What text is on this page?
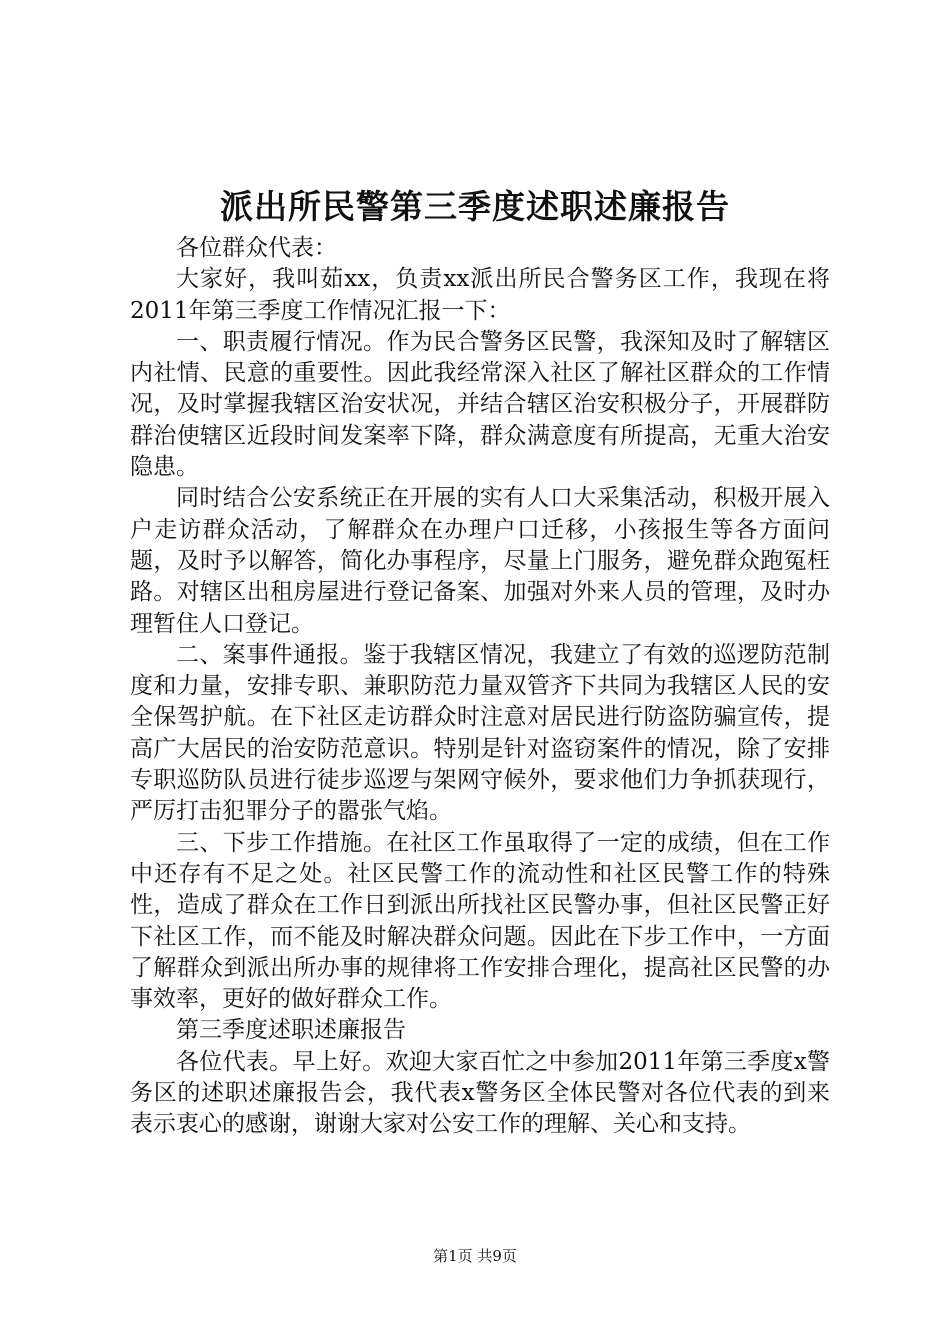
派出所民警第三季度述职述廉报告

各位群众代表：

大家好，我叫茹xx，负责xx派出所民合警务区工作，我现在将2011年第三季度工作情况汇报一下：

一、职责履行情况。作为民合警务区民警，我深知及时了解辖区内社情、民意的重要性。因此我经常深入社区了解社区群众的工作情况，及时掌握我辖区治安状况，并结合辖区治安积极分子，开展群防群治使辖区近段时间发案率下降，群众满意度有所提高，无重大治安隐患。

同时结合公安系统正在开展的实有人口大采集活动，积极开展入户走访群众活动，了解群众在办理户口迁移，小孩报生等各方面问题，及时予以解答，简化办事程序，尽量上门服务，避免群众跑冤枉路。对辖区出租房屋进行登记备案、加强对外来人员的管理，及时办理暂住人口登记。

二、案事件通报。鉴于我辖区情况，我建立了有效的巡逻防范制度和力量，安排专职、兼职防范力量双管齐下共同为我辖区人民的安全保驾护航。在下社区走访群众时注意对居民进行防盗防骗宣传，提高广大居民的治安防范意识。特别是针对盗窃案件的情况，除了安排专职巡防队员进行徒步巡逻与架网守候外，要求他们力争抓获现行，严厉打击犯罪分子的嚣张气焰。

三、下步工作措施。在社区工作虽取得了一定的成绩，但在工作中还存有不足之处。社区民警工作的流动性和社区民警工作的特殊性，造成了群众在工作日到派出所找社区民警办事，但社区民警正好下社区工作，而不能及时解决群众问题。因此在下步工作中，一方面了解群众到派出所办事的规律将工作安排合理化，提高社区民警的办事效率，更好的做好群众工作。

第三季度述职述廉报告

各位代表。早上好。欢迎大家百忙之中参加2011年第三季度x警务区的述职述廉报告会，我代表x警务区全体民警对各位代表的到来表示衷心的感谢，谢谢大家对公安工作的理解、关心和支持。

第1页 共9页
